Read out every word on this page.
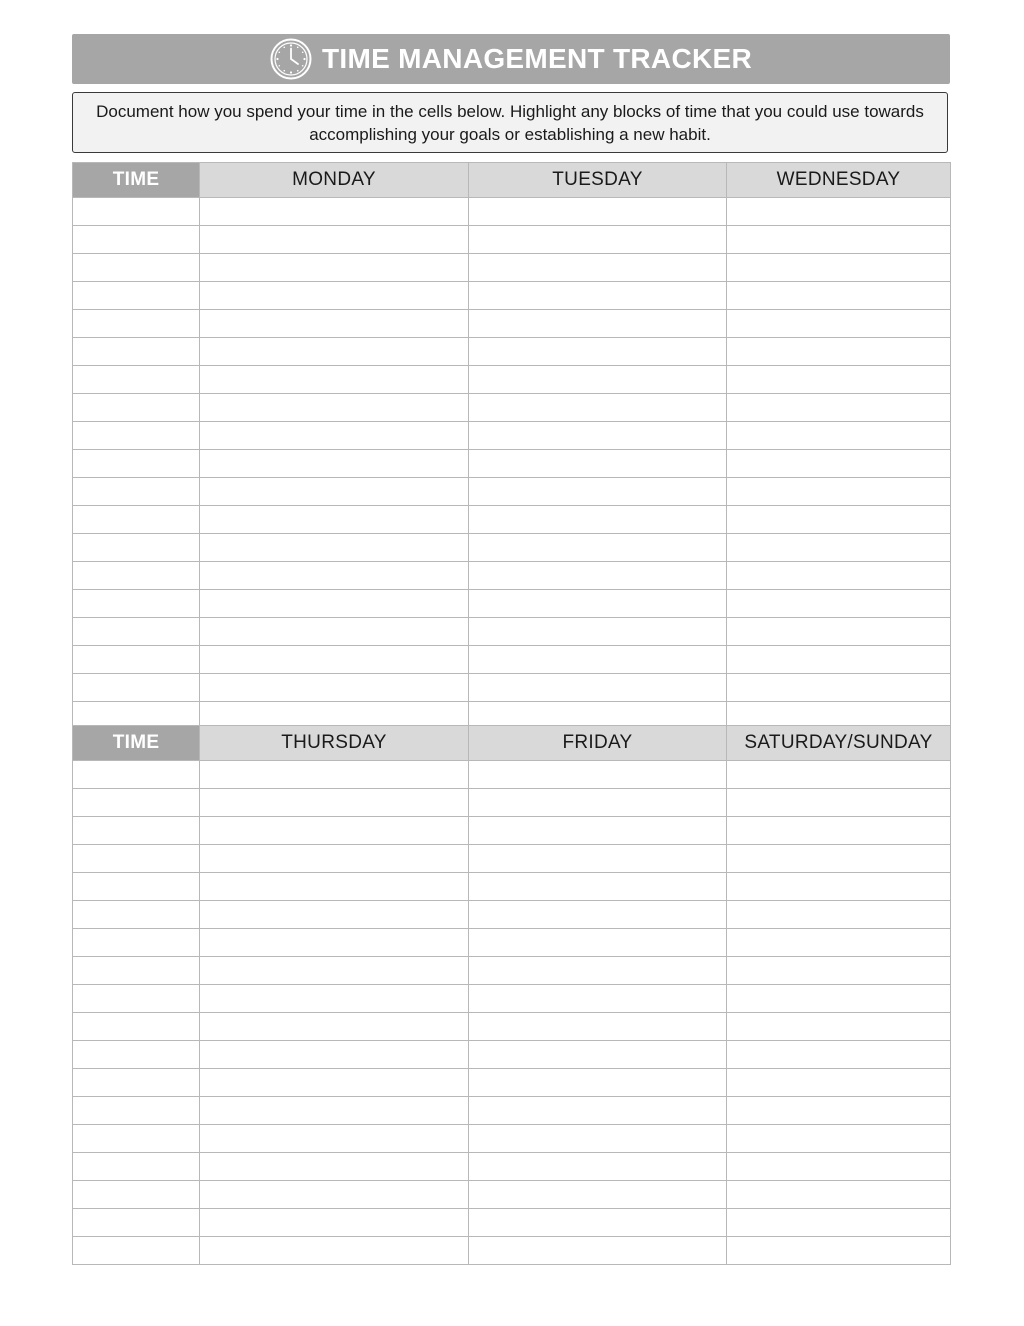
TIME MANAGEMENT TRACKER
Document how you spend your time in the cells below. Highlight any blocks of time that you could use towards accomplishing your goals or establishing a new habit.
TIME	MONDAY	TUESDAY	WEDNESDAY

TIME	THURSDAY	FRIDAY	SATURDAY/SUNDAY
